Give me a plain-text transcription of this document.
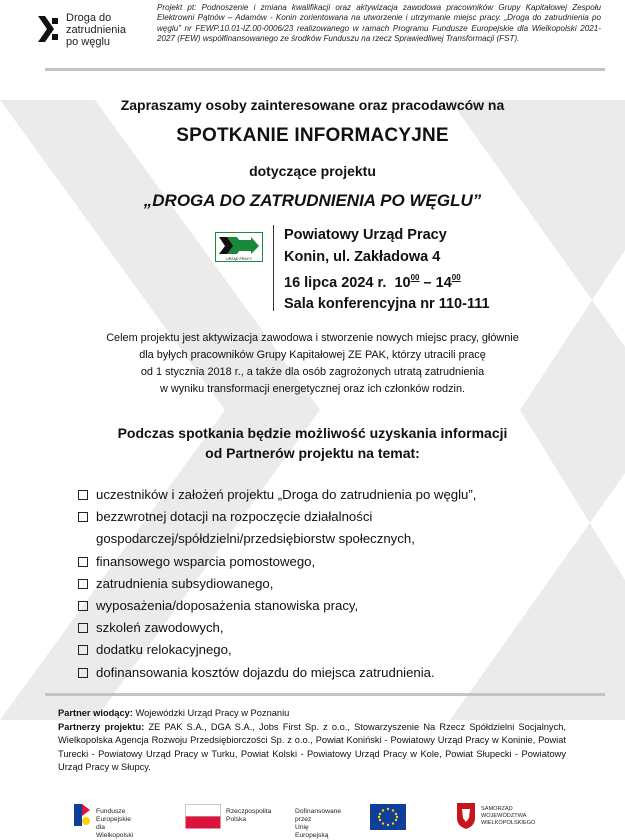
Droga do
zatrudnienia
po węglu
Projekt pt: Podnoszenie i zmiana kwalifikacji oraz aktywizacja zawodowa pracowników Grupy Kapitałowej Zespołu Elektrowni Pątnów – Adamów - Konin zorientowana na utworzenie i utrzymanie miejsc pracy. „Droga do zatrudnienia po węglu” nr FEWP.10.01-IZ.00-0006/23 realizowanego w ramach Programu Fundusze Europejskie dla Wielkopolski 2021-2027 (FEW) współfinansowanego ze środków Funduszu na rzecz Sprawiedliwej Transformacji (FST).
Zapraszamy osoby zainteresowane oraz pracodawców na
SPOTKANIE INFORMACYJNE
dotyczące projektu
„DROGA DO ZATRUDNIENIA PO WĘGLU”
URZĄD PRACY
Powiatowy Urząd Pracy
Konin, ul. Zakładowa 4
16 lipca 2024 r. $10^{00} - 14^{00}$
Sala konferencyjna nr 110-111
Celem projektu jest aktywizacja zawodowa i stworzenie nowych miejsc pracy, głównie
dla byłych pracowników Grupy Kapitałowej ZE PAK, którzy utracili pracę
od 1 stycznia 2018 r., a także dla osób zagrożonych utratą zatrudnienia
w wyniku transformacji energetycznej oraz ich członków rodzin.
Podczas spotkania będzie możliwość uzyskania informacji
od Partnerów projektu na temat:
uczestników i założeń projektu „Droga do zatrudnienia po węglu”,
bezzwrotnej dotacji na rozpoczęcie działalności
gospodarczej/spółdzielni/przedsiębiorstw społecznych,
finansowego wsparcia pomostowego,
zatrudnienia subsydiowanego,
wyposażenia/doposażenia stanowiska pracy,
szkoleń zawodowych,
dodatku relokacyjnego,
dofinansowania kosztów dojazdu do miejsca zatrudnienia.
Partner wiodący: Wojewódzki Urząd Pracy w Poznaniu
Partnerzy projektu: ZE PAK S.A., DGA S.A., Jobs First Sp. z o.o., Stowarzyszenie Na Rzecz Spółdzielni Socjalnych, Wielkopolska Agencja Rozwoju Przedsiębiorczości Sp. z o.o., Powiat Koniński - Powiatowy Urząd Pracy w Koninie, Powiat Turecki - Powiatowy Urząd Pracy w Turku, Powiat Kolski - Powiatowy Urząd Pracy w Kole, Powiat Słupecki - Powiatowy Urząd Pracy w Słupcy.
Fundusze Europejskie
dla Wielkopolski
Rzeczpospolita
Polska
Dofinansowane przez
Unię Europejską
SAMORZĄD
WOJEWÓDZTWA
WIELKOPOLSKIEGO
